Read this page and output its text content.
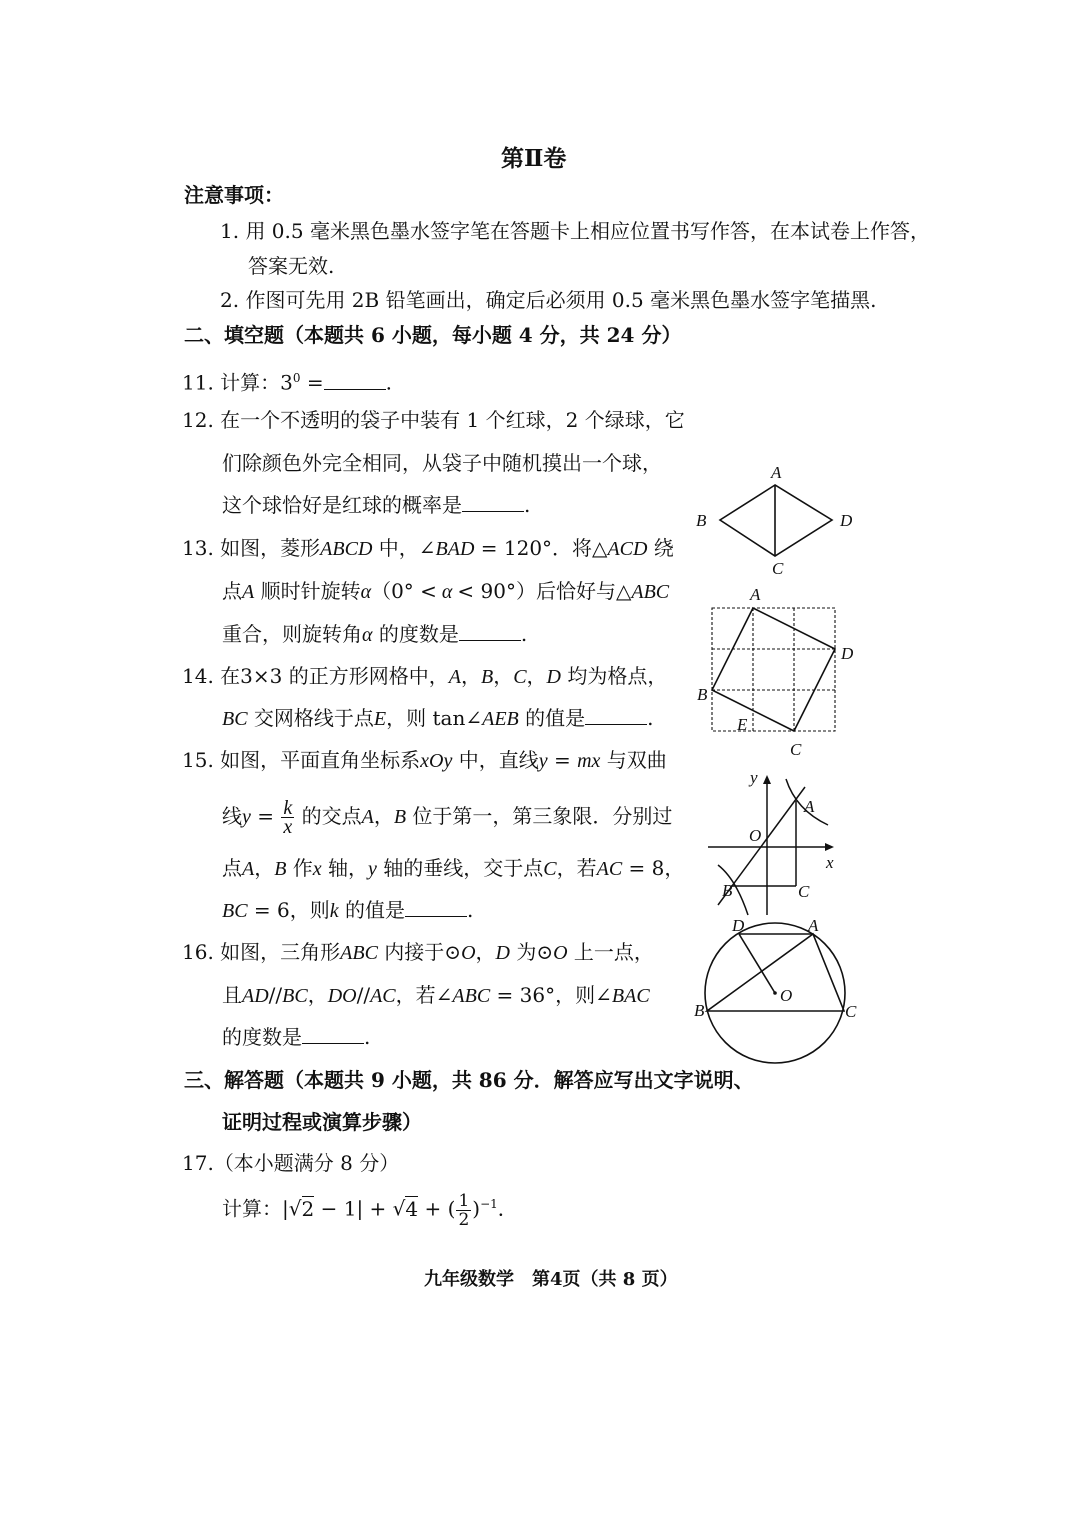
第Ⅱ卷
注意事项：
1. 用 0.5 毫米黑色墨水签字笔在答题卡上相应位置书写作答，在本试卷上作答，
答案无效.
2. 作图可先用 2B 铅笔画出，确定后必须用 0.5 毫米黑色墨水签字笔描黑.
二、填空题（本题共 6 小题，每小题 4 分，共 24 分）
11. 计算：$3^0$ =	.
12. 在一个不透明的袋子中装有 1 个红球，2 个绿球，它
们除颜色外完全相同，从袋子中随机摸出一个球，
这个球恰好是红球的概率是	.
13. 如图，菱形ABCD 中，∠BAD = 120°．将△ACD 绕
点A 顺时针旋转α（0° < α < 90°）后恰好与△ABC
重合，则旋转角α 的度数是	.
14. 在3×3 的正方形网格中，A，B，C，D 均为格点，
BC 交网格线于点E，则 tan∠AEB 的值是	.
15. 如图，平面直角坐标系xOy 中，直线y = mx 与双曲
线$y = \frac{k}{x}$ 的交点A，B 位于第一，第三象限．分别过
点A，B 作x 轴，y 轴的垂线，交于点C，若AC = 8，
BC = 6，则k 的值是	.
16. 如图，三角形ABC 内接于⊙O，D 为⊙O 上一点，
且AD//BC，DO//AC，若∠ABC = 36°，则∠BAC
的度数是	.
三、解答题（本题共 9 小题，共 86 分．解答应写出文字说明、
证明过程或演算步骤）
17.（本小题满分 8 分）
计算：|√2 − 1| + √4 + ( $\frac{1}{2} )^{-1}$．
九年级数学　第4页（共 8 页）
A
B
C
D
A
B
C
D
E
y
x
O
A
B	C
D	A
B	C
O
